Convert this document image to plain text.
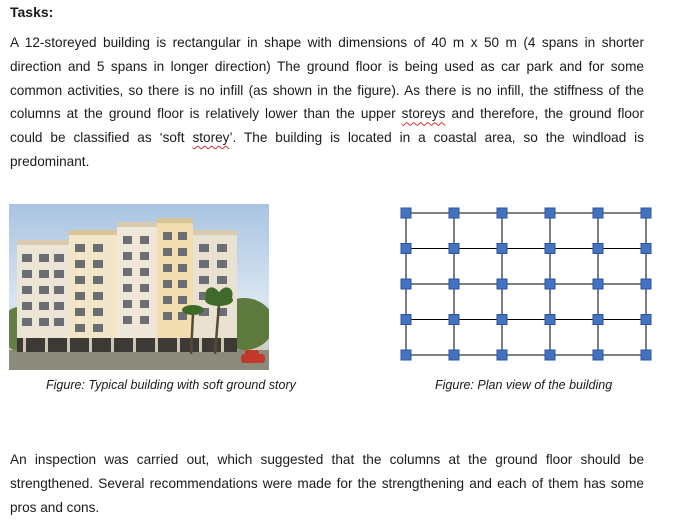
Tasks:

A 12-storeyed building is rectangular in shape with dimensions of 40 m x 50 m (4 spans in shorter direction and 5 spans in longer direction) The ground floor is being used as car park and for some common activities, so there is no infill (as shown in the figure). As there is no infill, the stiffness of the columns at the ground floor is relatively lower than the upper storeys and therefore, the ground floor could be classified as ‘soft storey’. The building is located in a coastal area, so the windload is predominant.

Figure: Typical building with soft ground story	Figure: Plan view of the building

An inspection was carried out, which suggested that the columns at the ground floor should be strengthened. Several recommendations were made for the strengthening and each of them has some pros and cons.
